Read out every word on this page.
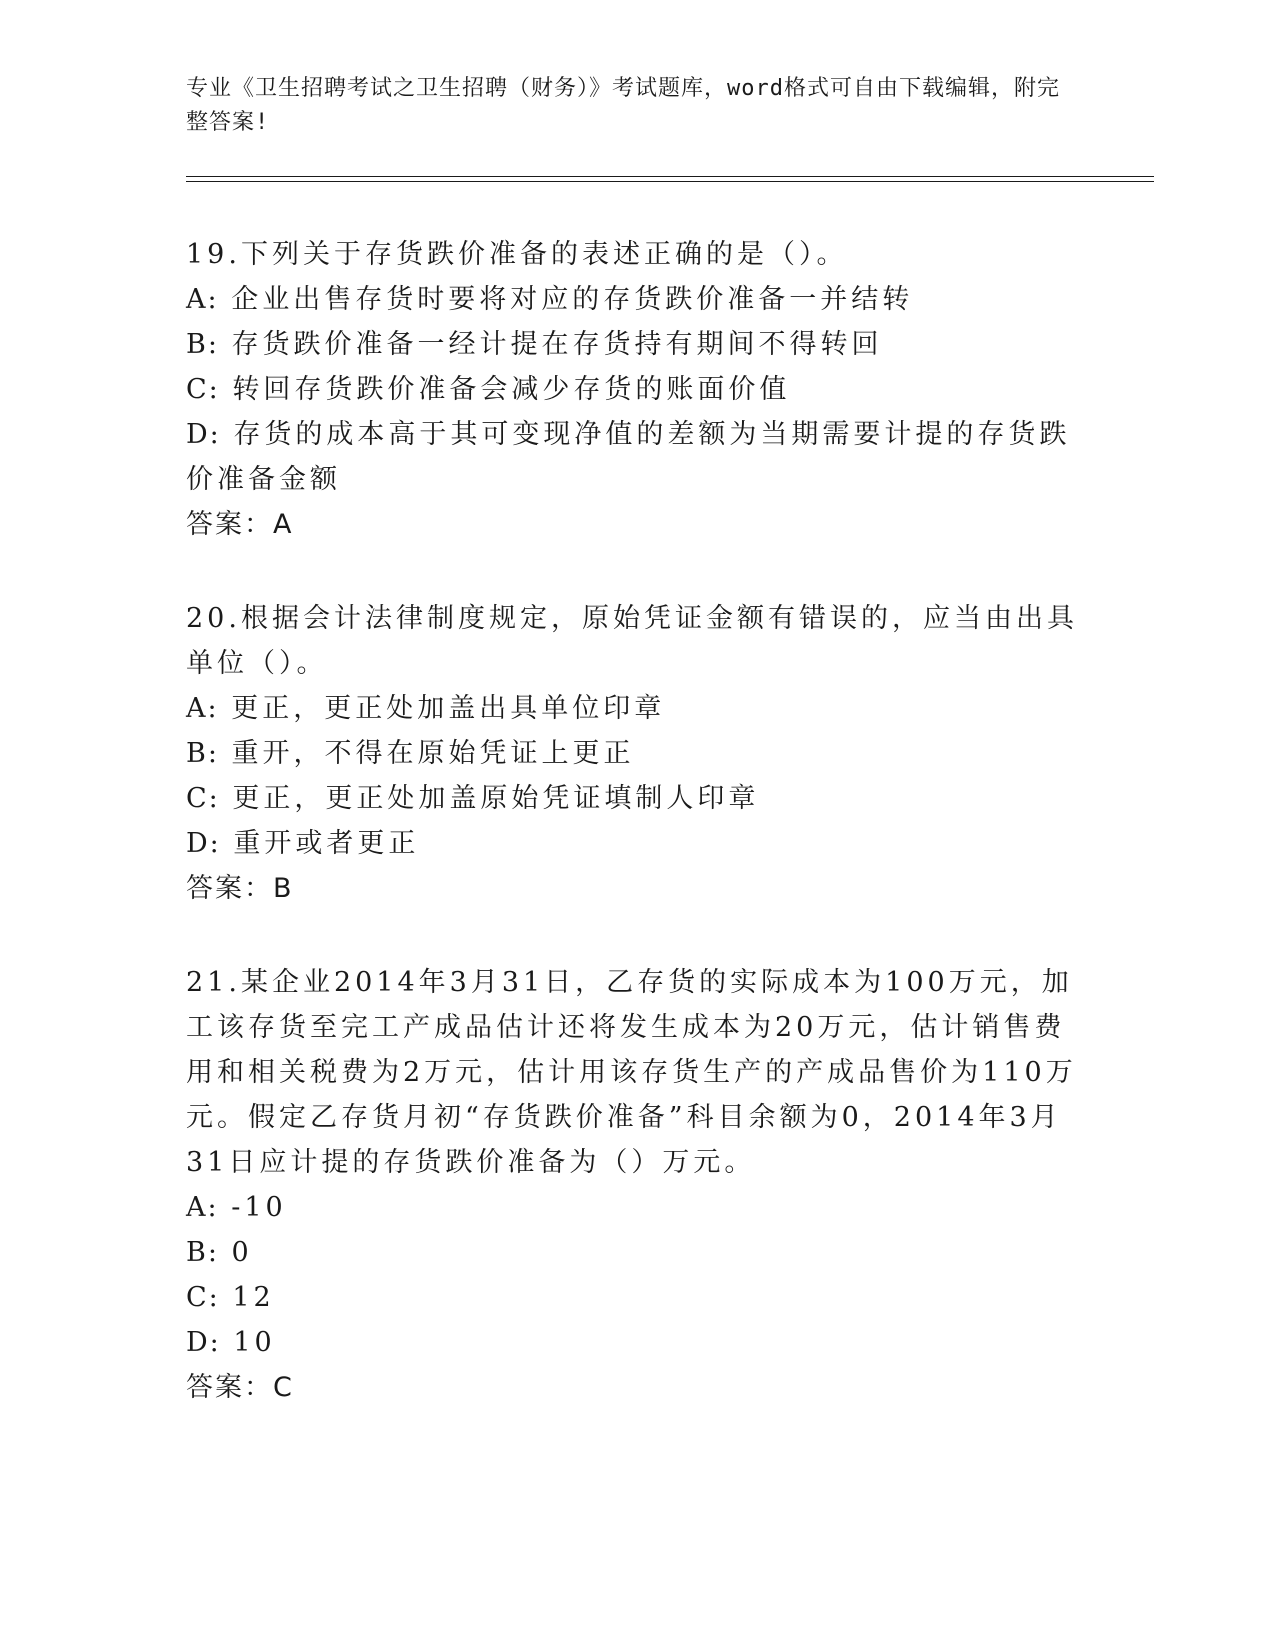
专业《卫生招聘考试之卫生招聘（财务）》考试题库，word格式可自由下载编辑，附完整答案!
19.下列关于存货跌价准备的表述正确的是（）。
A: 企业出售存货时要将对应的存货跌价准备一并结转
B: 存货跌价准备一经计提在存货持有期间不得转回
C: 转回存货跌价准备会减少存货的账面价值
D: 存货的成本高于其可变现净值的差额为当期需要计提的存货跌价准备金额
答案：A
20.根据会计法律制度规定，原始凭证金额有错误的，应当由出具单位（）。
A: 更正，更正处加盖出具单位印章
B: 重开，不得在原始凭证上更正
C: 更正，更正处加盖原始凭证填制人印章
D: 重开或者更正
答案：B
21.某企业2014年3月31日，乙存货的实际成本为100万元，加工该存货至完工产成品估计还将发生成本为20万元，估计销售费用和相关税费为2万元，估计用该存货生产的产成品售价为110万元。假定乙存货月初“存货跌价准备”科目余额为0，2014年3月31日应计提的存货跌价准备为（）万元。
A: -10
B: 0
C: 12
D: 10
答案：C
